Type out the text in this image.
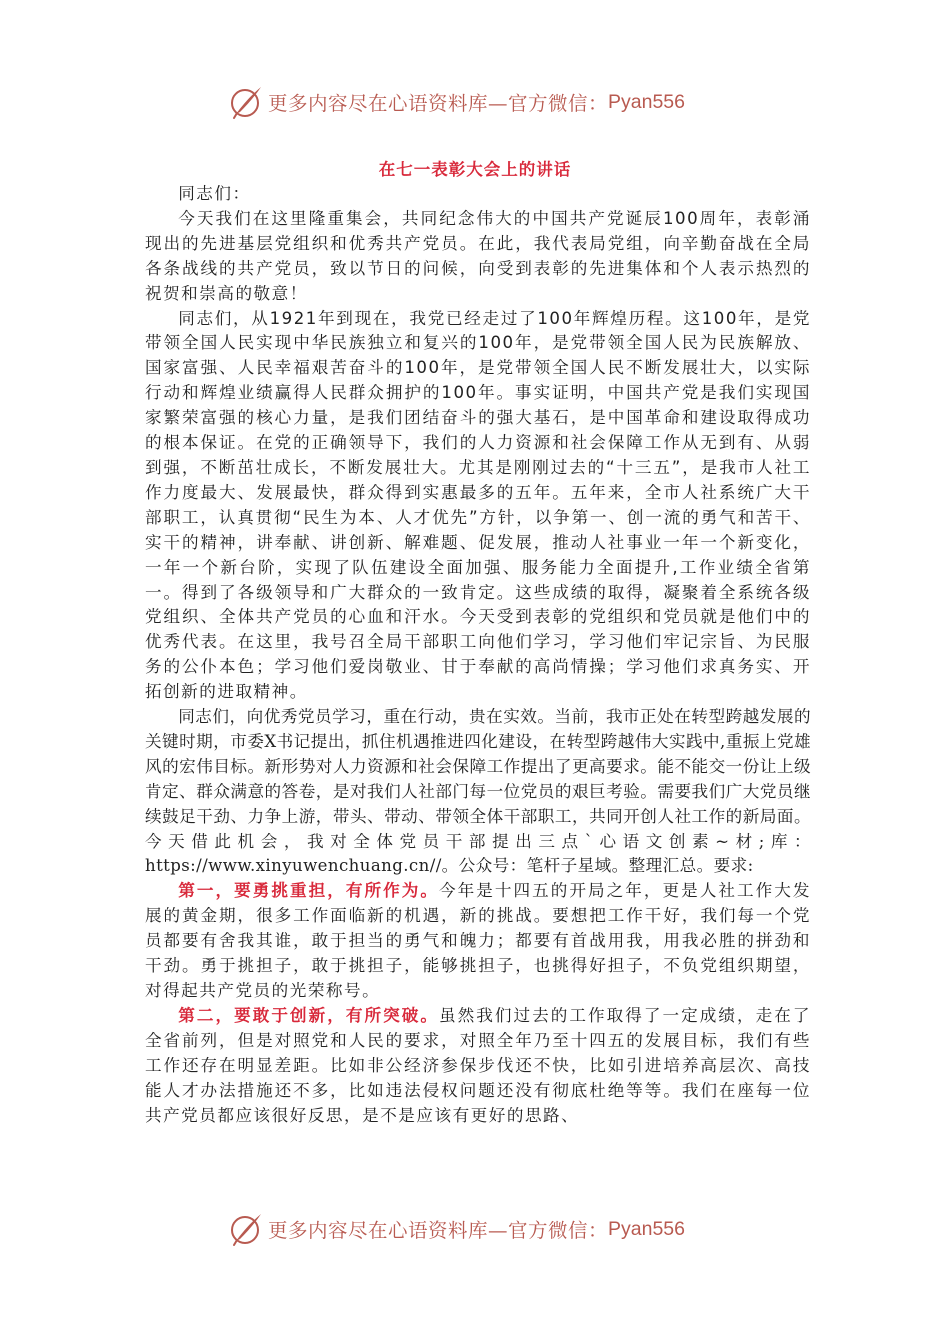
更多内容尽在心语资料库—官方微信： Pyan556
在七一表彰大会上的讲话

同志们：

今天我们在这里隆重集会，共同纪念伟大的中国共产党诞辰100周年，表彰涌现出的先进基层党组织和优秀共产党员。在此，我代表局党组，向辛勤奋战在全局各条战线的共产党员，致以节日的问候，向受到表彰的先进集体和个人表示热烈的祝贺和崇高的敬意！

同志们，从1921年到现在，我党已经走过了100年辉煌历程。这100年，是党带领全国人民实现中华民族独立和复兴的100年，是党带领全国人民为民族解放、国家富强、人民幸福艰苦奋斗的100年，是党带领全国人民不断发展壮大，以实际行动和辉煌业绩赢得人民群众拥护的100年。事实证明，中国共产党是我们实现国家繁荣富强的核心力量，是我们团结奋斗的强大基石，是中国革命和建设取得成功的根本保证。在党的正确领导下，我们的人力资源和社会保障工作从无到有、从弱到强，不断茁壮成长，不断发展壮大。尤其是刚刚过去的“十三五”，是我市人社工作力度最大、发展最快，群众得到实惠最多的五年。五年来，全市人社系统广大干部职工，认真贯彻“民生为本、人才优先”方针，以争第一、创一流的勇气和苦干、实干的精神，讲奉献、讲创新、解难题、促发展，推动人社事业一年一个新变化，一年一个新台阶，实现了队伍建设全面加强、服务能力全面提升,工作业绩全省第一。得到了各级领导和广大群众的一致肯定。这些成绩的取得，凝聚着全系统各级党组织、全体共产党员的心血和汗水。今天受到表彰的党组织和党员就是他们中的优秀代表。在这里，我号召全局干部职工向他们学习，学习他们牢记宗旨、为民服务的公仆本色；学习他们爱岗敬业、甘于奉献的高尚情操；学习他们求真务实、开拓创新的进取精神。

同志们，向优秀党员学习，重在行动，贵在实效。当前，我市正处在转型跨越发展的关键时期，市委X书记提出，抓住机遇推进四化建设，在转型跨越伟大实践中,重振上党雄风的宏伟目标。新形势对人力资源和社会保障工作提出了更高要求。能不能交一份让上级肯定、群众满意的答卷，是对我们人社部门每一位党员的艰巨考验。需要我们广大党员继续鼓足干劲、力争上游，带头、带动、带领全体干部职工，共同开创人社工作的新局面。今天借此机会，我对全体党员干部提出三点`心语文创素~材;库：https://www.xinyuwenchuang.cn//。公众号：笔杆子星域。整理汇总。要求:

第一，要勇挑重担，有所作为。今年是十四五的开局之年，更是人社工作大发展的黄金期，很多工作面临新的机遇，新的挑战。要想把工作干好，我们每一个党员都要有舍我其谁，敢于担当的勇气和魄力；都要有首战用我，用我必胜的拼劲和干劲。勇于挑担子，敢于挑担子，能够挑担子，也挑得好担子，不负党组织期望，对得起共产党员的光荣称号。

第二，要敢于创新，有所突破。虽然我们过去的工作取得了一定成绩，走在了全省前列，但是对照党和人民的要求，对照全年乃至十四五的发展目标，我们有些工作还存在明显差距。比如非公经济参保步伐还不快，比如引进培养高层次、高技能人才办法措施还不多，比如违法侵权问题还没有彻底杜绝等等。我们在座每一位共产党员都应该很好反思，是不是应该有更好的思路、

更多内容尽在心语资料库—官方微信： Pyan556
